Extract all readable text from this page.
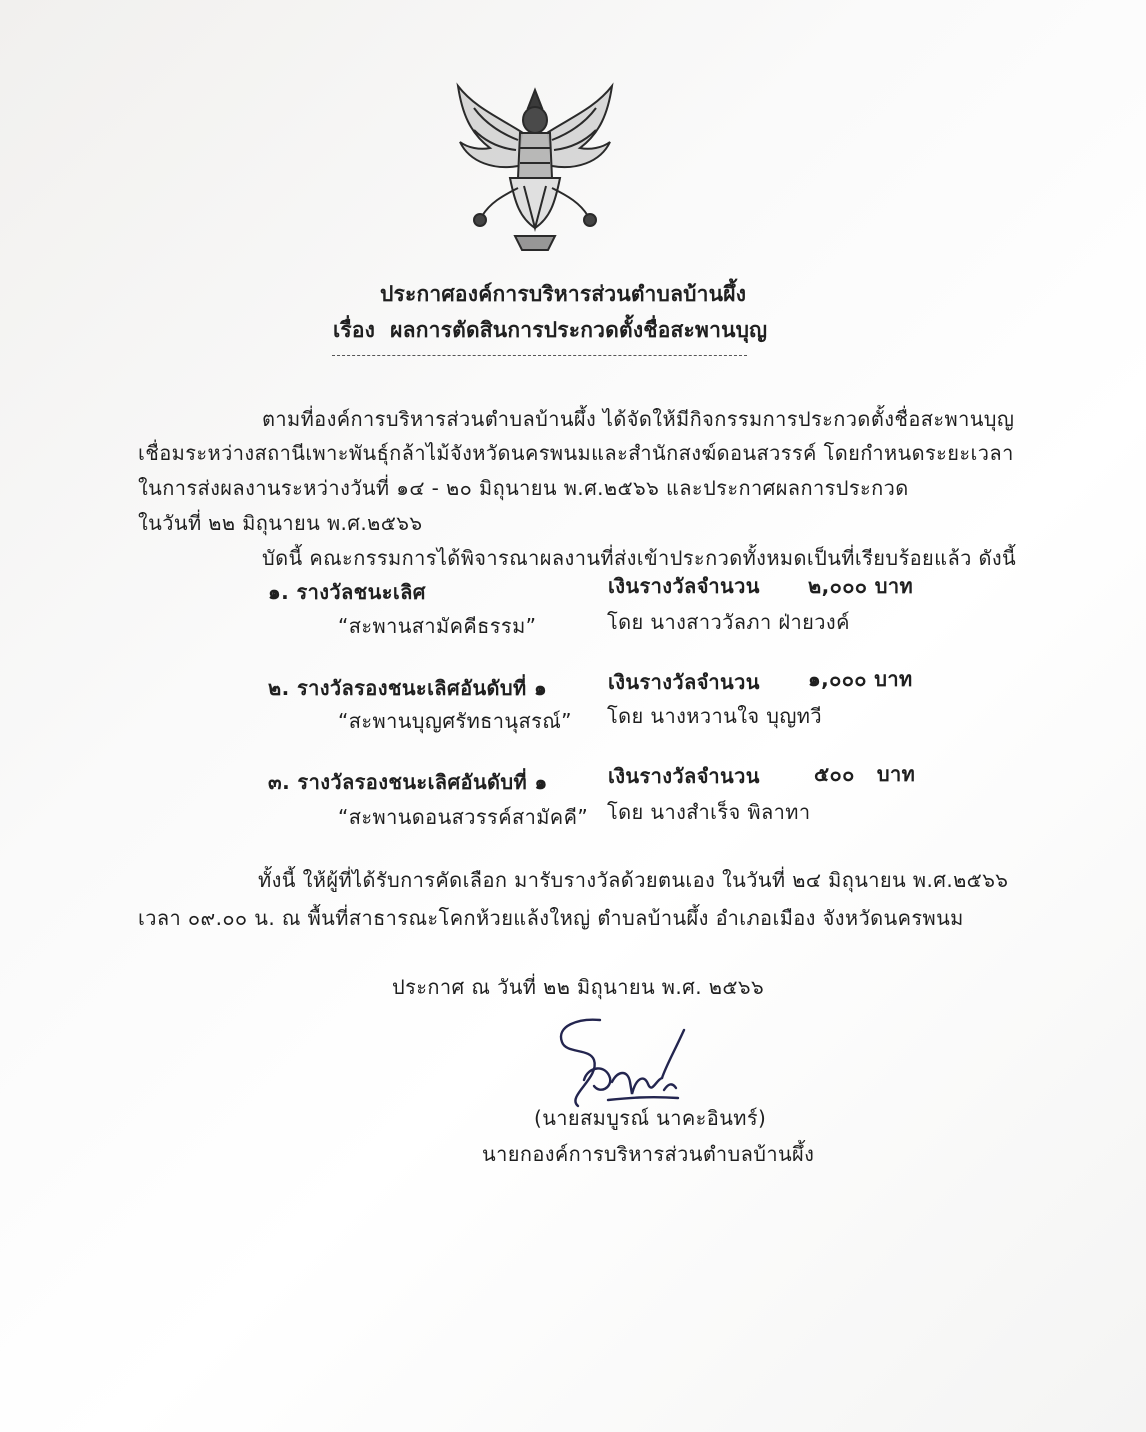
ประกาศองค์การบริหารส่วนตำบลบ้านผึ้ง
เรื่อง ผลการตัดสินการประกวดตั้งชื่อสะพานบุญ
ตามที่องค์การบริหารส่วนตำบลบ้านผึ้ง ได้จัดให้มีกิจกรรมการประกวดตั้งชื่อสะพานบุญ
เชื่อมระหว่างสถานีเพาะพันธุ์กล้าไม้จังหวัดนครพนมและสำนักสงฆ์ดอนสวรรค์ โดยกำหนดระยะเวลา
ในการส่งผลงานระหว่างวันที่ ๑๔ - ๒๐ มิถุนายน พ.ศ.๒๕๖๖ และประกาศผลการประกวด
ในวันที่ ๒๒ มิถุนายน พ.ศ.๒๕๖๖
บัดนี้ คณะกรรมการได้พิจารณาผลงานที่ส่งเข้าประกวดทั้งหมดเป็นที่เรียบร้อยแล้ว ดังนี้
๑. รางวัลชนะเลิศ	เงินรางวัลจำนวน ๒,๐๐๐ บาท
“สะพานสามัคคีธรรม”	โดย นางสาววัลภา ฝ่ายวงค์
๒. รางวัลรองชนะเลิศอันดับที่ ๑	เงินรางวัลจำนวน ๑,๐๐๐ บาท
“สะพานบุญศรัทธานุสรณ์” โดย นางหวานใจ บุญทวี
๓. รางวัลรองชนะเลิศอันดับที่ ๑	เงินรางวัลจำนวน	๕๐๐ บาท
“สะพานดอนสวรรค์สามัคคี” โดย นางสำเร็จ พิลาทา
ทั้งนี้ ให้ผู้ที่ได้รับการคัดเลือก มารับรางวัลด้วยตนเอง ในวันที่ ๒๔ มิถุนายน พ.ศ.๒๕๖๖
เวลา ๐๙.๐๐ น. ณ พื้นที่สาธารณะโคกห้วยแล้งใหญ่ ตำบลบ้านผึ้ง อำเภอเมือง จังหวัดนครพนม
ประกาศ ณ วันที่ ๒๒ มิถุนายน พ.ศ. ๒๕๖๖
(นายสมบูรณ์ นาคะอินทร์)
นายกองค์การบริหารส่วนตำบลบ้านผึ้ง
